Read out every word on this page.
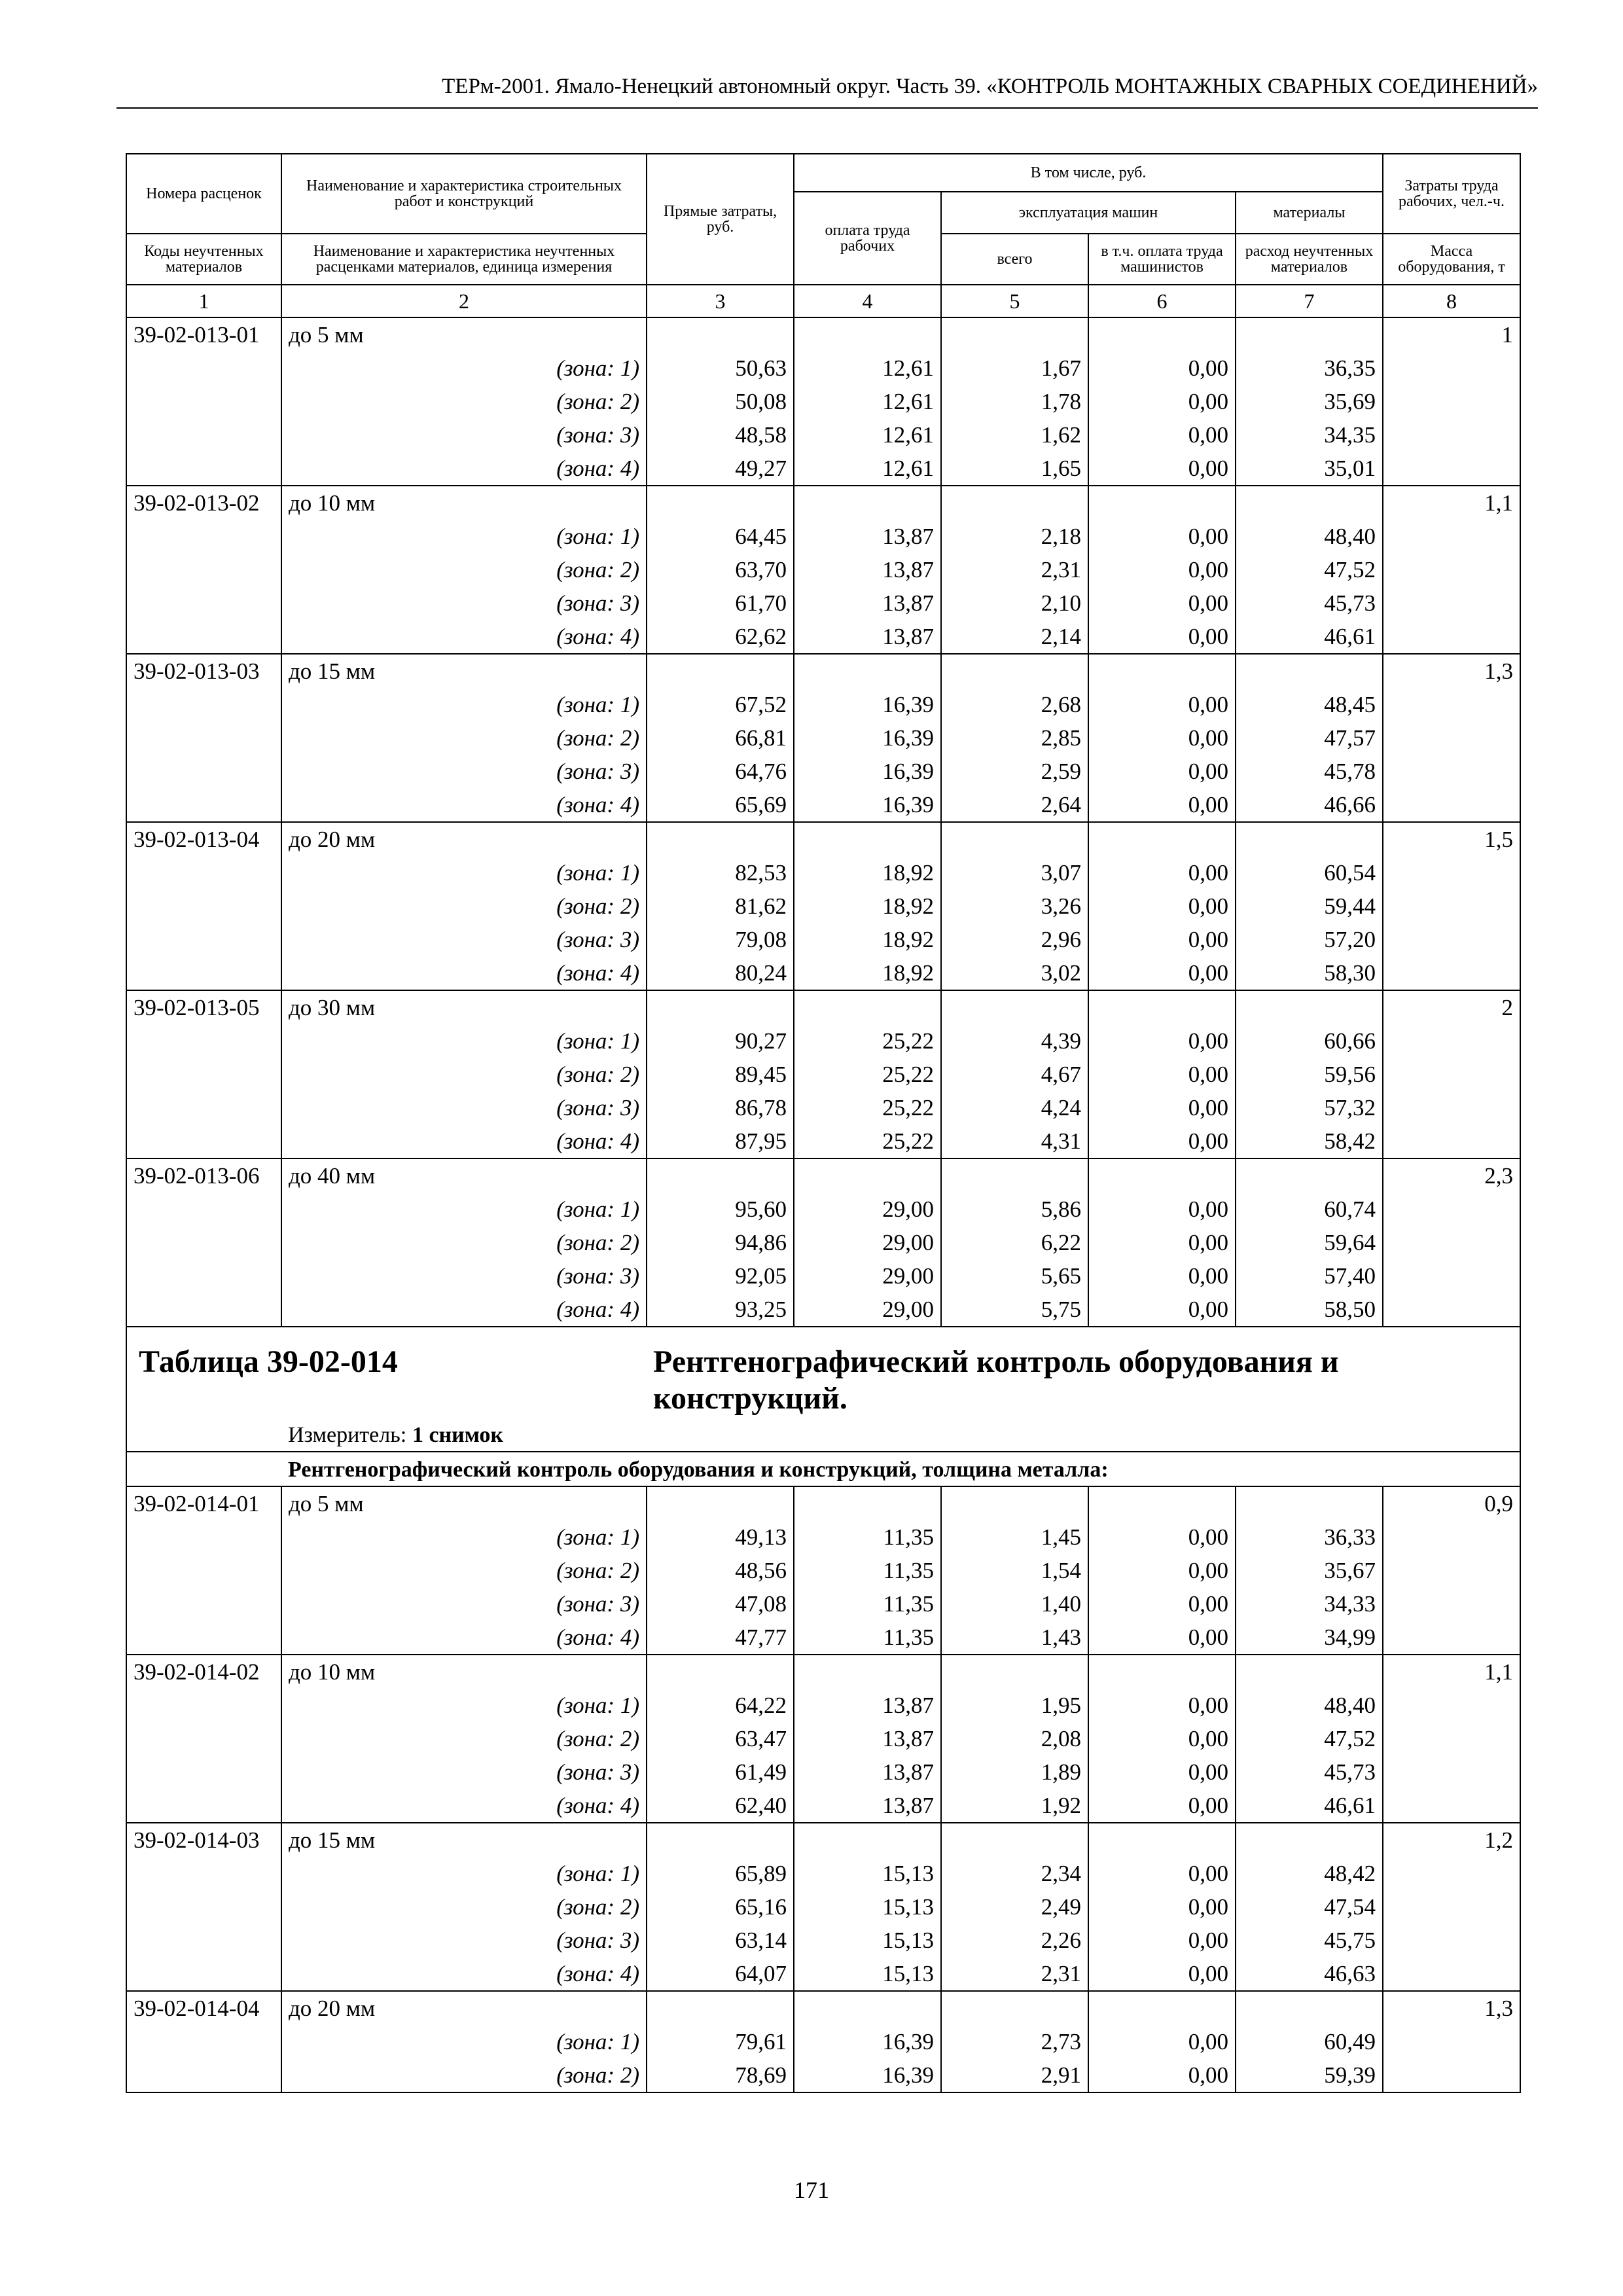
ТЕРм-2001. Ямало-Ненецкий автономный округ. Часть 39. «КОНТРОЛЬ МОНТАЖНЫХ СВАРНЫХ СОЕДИНЕНИЙ»
Номера расценок	Наименование и характеристика строительных работ и конструкций	Прямые затраты, руб.	В том числе, руб.				Затраты труда рабочих, чел.-ч.
			оплата труда рабочих	эксплуатация машин		материалы	
Коды неучтенных материалов	Наименование и характеристика неучтенных расценками материалов, единица измерения			всего	в т.ч. оплата труда машинистов	расход неучтенных материалов	Масса оборудования, т
1	2	3	4	5	6	7	8
39-02-013-01	до 5 мм						1
	(зона: 1)	50,63	12,61	1,67	0,00	36,35	
	(зона: 2)	50,08	12,61	1,78	0,00	35,69	
	(зона: 3)	48,58	12,61	1,62	0,00	34,35	
	(зона: 4)	49,27	12,61	1,65	0,00	35,01	
39-02-013-02	до 10 мм						1,1
	(зона: 1)	64,45	13,87	2,18	0,00	48,40	
	(зона: 2)	63,70	13,87	2,31	0,00	47,52	
	(зона: 3)	61,70	13,87	2,10	0,00	45,73	
	(зона: 4)	62,62	13,87	2,14	0,00	46,61	
39-02-013-03	до 15 мм						1,3
	(зона: 1)	67,52	16,39	2,68	0,00	48,45	
	(зона: 2)	66,81	16,39	2,85	0,00	47,57	
	(зона: 3)	64,76	16,39	2,59	0,00	45,78	
	(зона: 4)	65,69	16,39	2,64	0,00	46,66	
39-02-013-04	до 20 мм						1,5
	(зона: 1)	82,53	18,92	3,07	0,00	60,54	
	(зона: 2)	81,62	18,92	3,26	0,00	59,44	
	(зона: 3)	79,08	18,92	2,96	0,00	57,20	
	(зона: 4)	80,24	18,92	3,02	0,00	58,30	
39-02-013-05	до 30 мм						2
	(зона: 1)	90,27	25,22	4,39	0,00	60,66	
	(зона: 2)	89,45	25,22	4,67	0,00	59,56	
	(зона: 3)	86,78	25,22	4,24	0,00	57,32	
	(зона: 4)	87,95	25,22	4,31	0,00	58,42	
39-02-013-06	до 40 мм						2,3
	(зона: 1)	95,60	29,00	5,86	0,00	60,74	
	(зона: 2)	94,86	29,00	6,22	0,00	59,64	
	(зона: 3)	92,05	29,00	5,65	0,00	57,40	
	(зона: 4)	93,25	29,00	5,75	0,00	58,50	
Таблица 39-02-014		Рентгенографический контроль оборудования и конструкций.					
	Измеритель: 1 снимок						
	Рентгенографический контроль оборудования и конструкций, толщина металла:						
39-02-014-01	до 5 мм						0,9
	(зона: 1)	49,13	11,35	1,45	0,00	36,33	
	(зона: 2)	48,56	11,35	1,54	0,00	35,67	
	(зона: 3)	47,08	11,35	1,40	0,00	34,33	
	(зона: 4)	47,77	11,35	1,43	0,00	34,99	
39-02-014-02	до 10 мм						1,1
	(зона: 1)	64,22	13,87	1,95	0,00	48,40	
	(зона: 2)	63,47	13,87	2,08	0,00	47,52	
	(зона: 3)	61,49	13,87	1,89	0,00	45,73	
	(зона: 4)	62,40	13,87	1,92	0,00	46,61	
39-02-014-03	до 15 мм						1,2
	(зона: 1)	65,89	15,13	2,34	0,00	48,42	
	(зона: 2)	65,16	15,13	2,49	0,00	47,54	
	(зона: 3)	63,14	15,13	2,26	0,00	45,75	
	(зона: 4)	64,07	15,13	2,31	0,00	46,63	
39-02-014-04	до 20 мм						1,3
	(зона: 1)	79,61	16,39	2,73	0,00	60,49	
	(зона: 2)	78,69	16,39	2,91	0,00	59,39	
171
